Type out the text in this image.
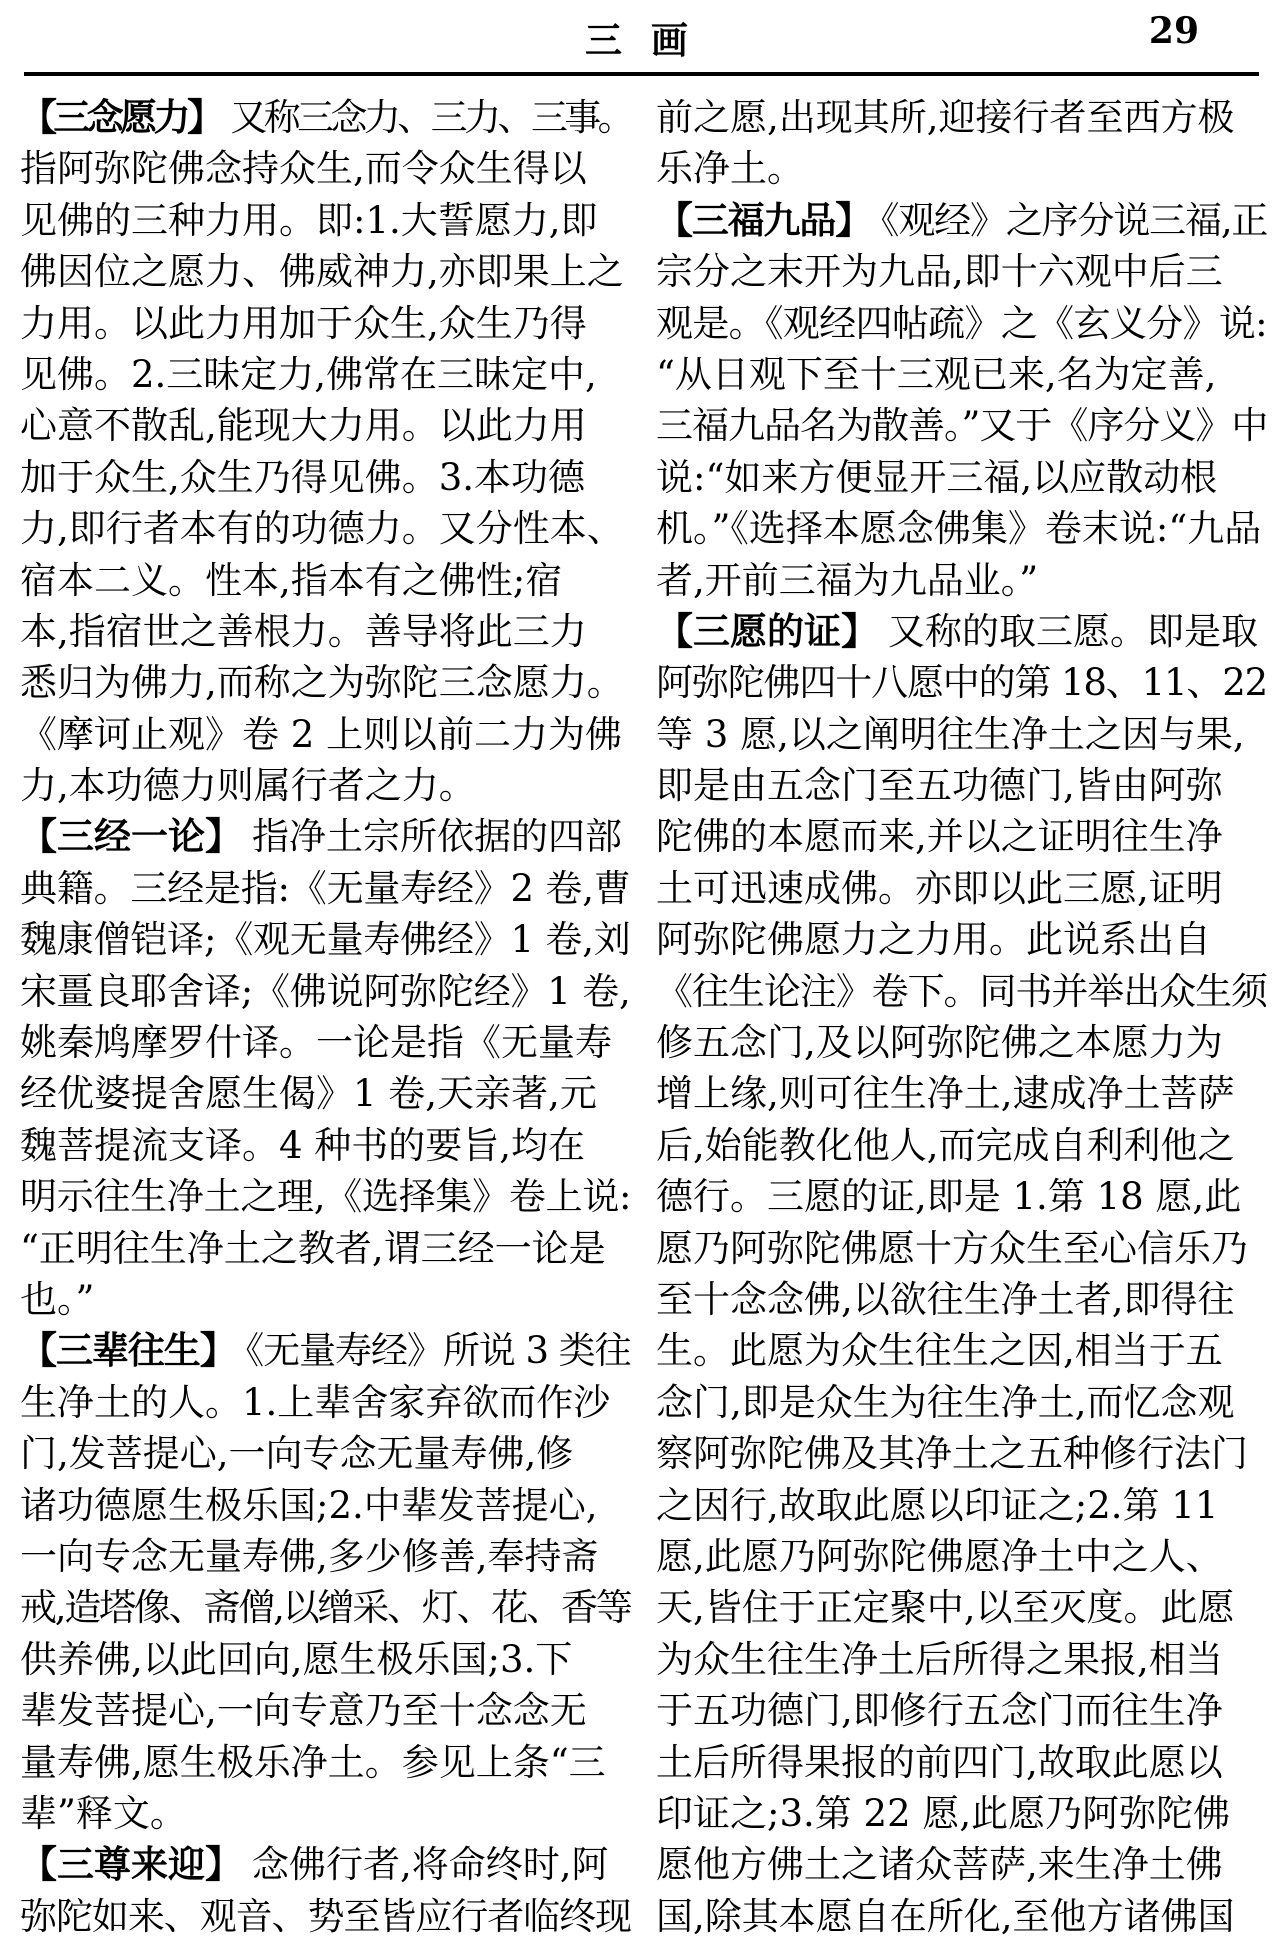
三 画	29
【三念愿力】 又称三念力、三力、三事。
指阿弥陀佛念持众生,而令众生得以
见佛的三种力用。即:1.大誓愿力,即
佛因位之愿力、佛威神力,亦即果上之
力用。以此力用加于众生,众生乃得
见佛。2.三昧定力,佛常在三昧定中,
心意不散乱,能现大力用。以此力用
加于众生,众生乃得见佛。3.本功德
力,即行者本有的功德力。又分性本、
宿本二义。性本,指本有之佛性;宿
本,指宿世之善根力。善导将此三力
悉归为佛力,而称之为弥陀三念愿力。
《摩诃止观》卷 2 上则以前二力为佛
力,本功德力则属行者之力。
【三经一论】 指净土宗所依据的四部
典籍。三经是指:《无量寿经》2 卷,曹
魏康僧铠译;《观无量寿佛经》1 卷,刘
宋畺良耶舍译;《佛说阿弥陀经》1 卷,
姚秦鸠摩罗什译。一论是指《无量寿
经优婆提舍愿生偈》1 卷,天亲著,元
魏菩提流支译。4 种书的要旨,均在
明示往生净土之理,《选择集》卷上说:
“正明往生净土之教者,谓三经一论是
也。”
【三辈往生】 《无量寿经》所说 3 类往
生净土的人。1.上辈舍家弃欲而作沙
门,发菩提心,一向专念无量寿佛,修
诸功德愿生极乐国;2.中辈发菩提心,
一向专念无量寿佛,多少修善,奉持斋
戒,造塔像、斋僧,以缯采、灯、花、香等
供养佛,以此回向,愿生极乐国;3.下
辈发菩提心,一向专意乃至十念念无
量寿佛,愿生极乐净土。参见上条“三
辈”释文。
【三尊来迎】 念佛行者,将命终时,阿
弥陀如来、观音、势至皆应行者临终现
前之愿,出现其所,迎接行者至西方极
乐净土。
【三福九品】 《观经》之序分说三福,正
宗分之末开为九品,即十六观中后三
观是。《观经四帖疏》之《玄义分》说:
“从日观下至十三观已来,名为定善,
三福九品名为散善。”又于《序分义》中
说:“如来方便显开三福,以应散动根
机。”《选择本愿念佛集》卷末说:“九品
者,开前三福为九品业。”
【三愿的证】 又称的取三愿。即是取
阿弥陀佛四十八愿中的第 18、11、22
等 3 愿,以之阐明往生净土之因与果,
即是由五念门至五功德门,皆由阿弥
陀佛的本愿而来,并以之证明往生净
土可迅速成佛。亦即以此三愿,证明
阿弥陀佛愿力之力用。此说系出自
《往生论注》卷下。同书并举出众生须
修五念门,及以阿弥陀佛之本愿力为
增上缘,则可往生净土,逮成净土菩萨
后,始能教化他人,而完成自利利他之
德行。三愿的证,即是 1.第 18 愿,此
愿乃阿弥陀佛愿十方众生至心信乐乃
至十念念佛,以欲往生净土者,即得往
生。此愿为众生往生之因,相当于五
念门,即是众生为往生净土,而忆念观
察阿弥陀佛及其净土之五种修行法门
之因行,故取此愿以印证之;2.第 11
愿,此愿乃阿弥陀佛愿净土中之人、
天,皆住于正定聚中,以至灭度。此愿
为众生往生净土后所得之果报,相当
于五功德门,即修行五念门而往生净
土后所得果报的前四门,故取此愿以
印证之;3.第 22 愿,此愿乃阿弥陀佛
愿他方佛土之诸众菩萨,来生净土佛
国,除其本愿自在所化,至他方诸佛国
